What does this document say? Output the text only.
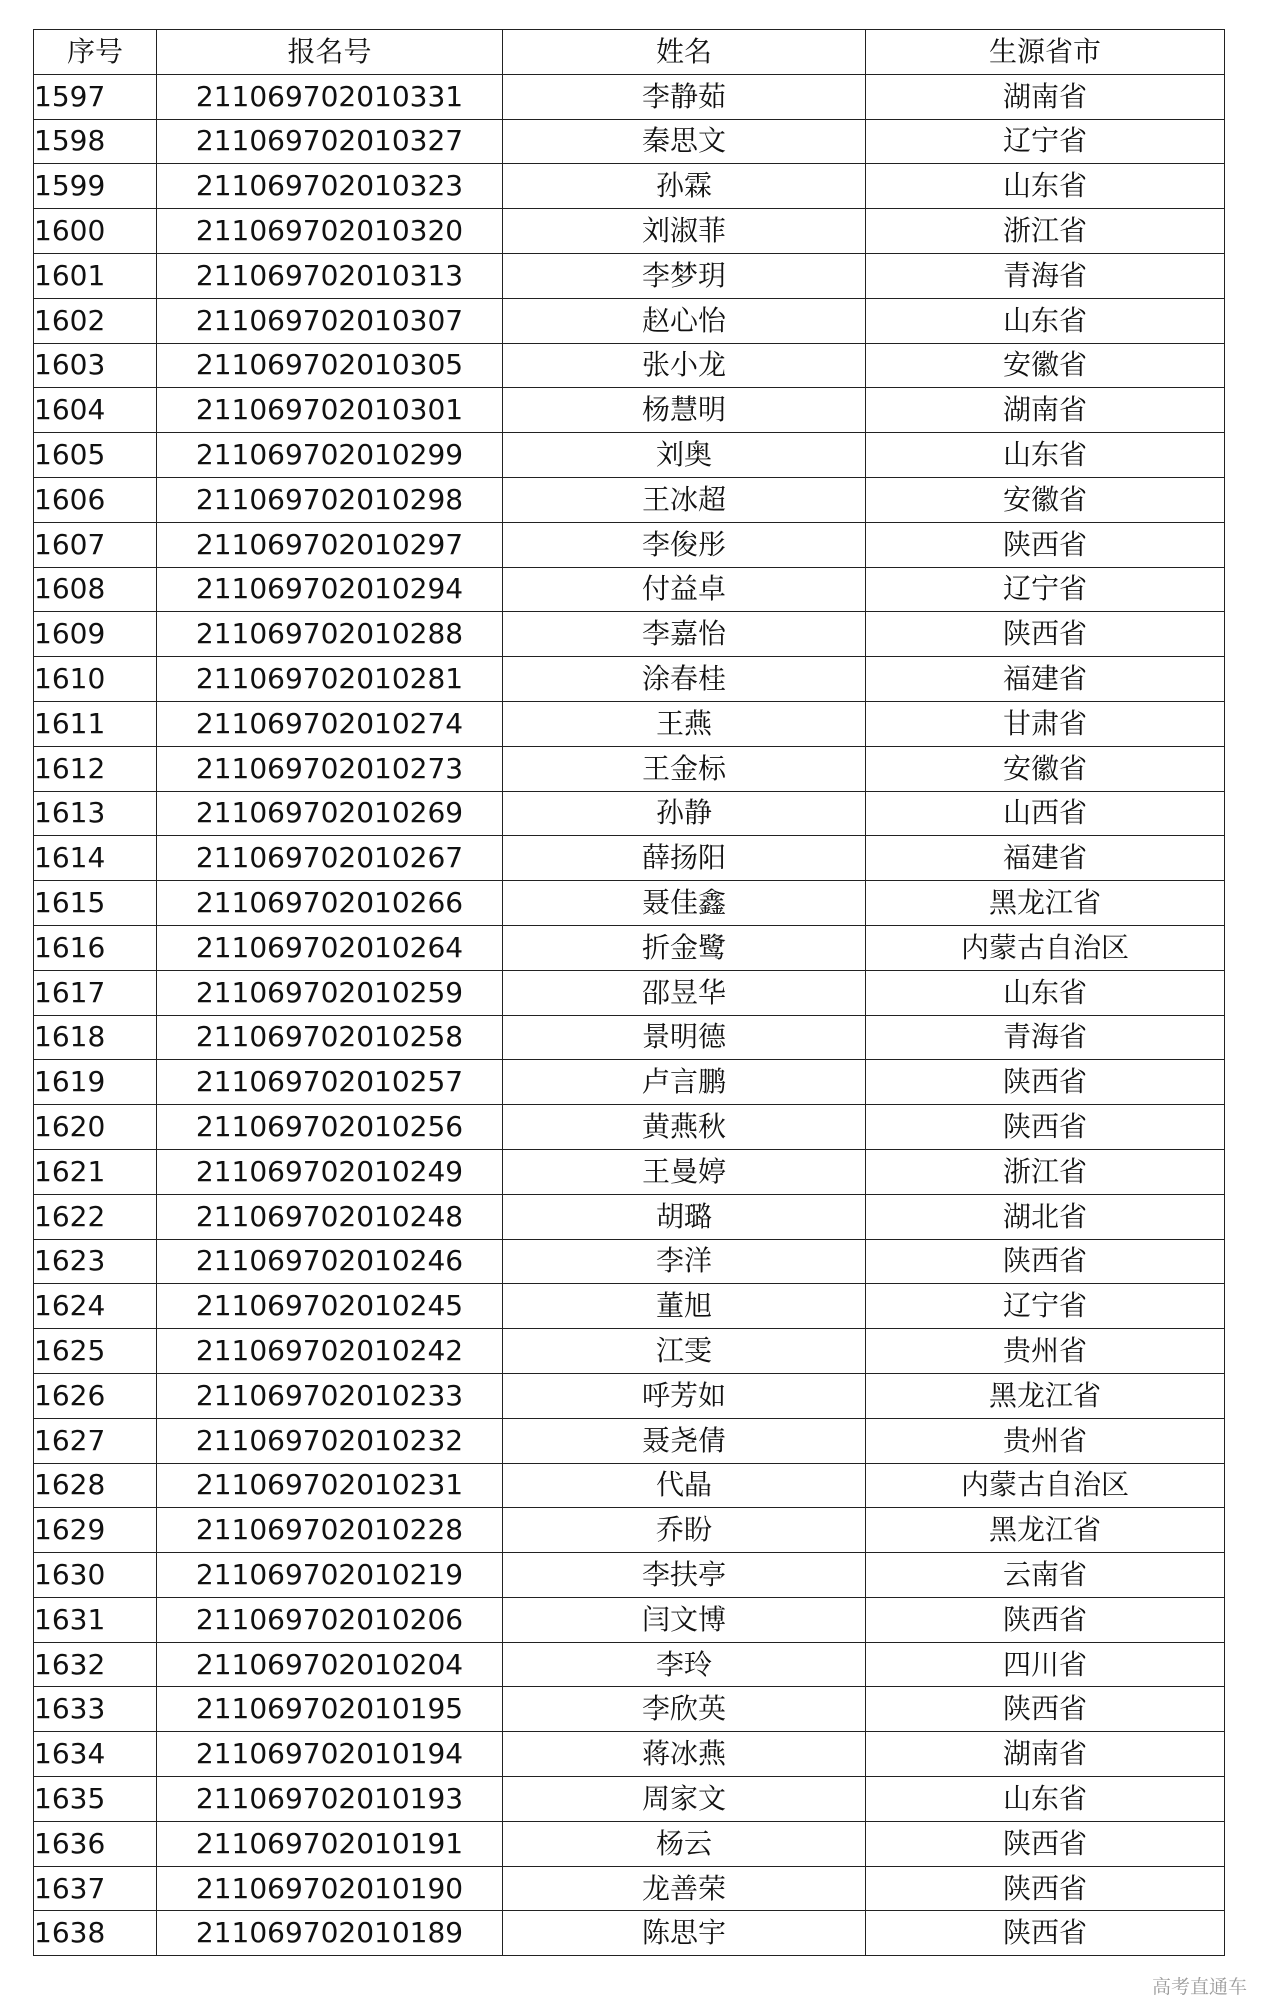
序号	报名号	姓名	生源省市
1597	211069702010331	李静茹	湖南省
1598	211069702010327	秦思文	辽宁省
1599	211069702010323	孙霖	山东省
1600	211069702010320	刘淑菲	浙江省
1601	211069702010313	李梦玥	青海省
1602	211069702010307	赵心怡	山东省
1603	211069702010305	张小龙	安徽省
1604	211069702010301	杨慧明	湖南省
1605	211069702010299	刘奥	山东省
1606	211069702010298	王冰超	安徽省
1607	211069702010297	李俊彤	陕西省
1608	211069702010294	付益卓	辽宁省
1609	211069702010288	李嘉怡	陕西省
1610	211069702010281	涂春桂	福建省
1611	211069702010274	王燕	甘肃省
1612	211069702010273	王金标	安徽省
1613	211069702010269	孙静	山西省
1614	211069702010267	薛扬阳	福建省
1615	211069702010266	聂佳鑫	黑龙江省
1616	211069702010264	折金鹭	内蒙古自治区
1617	211069702010259	邵昱华	山东省
1618	211069702010258	景明德	青海省
1619	211069702010257	卢言鹏	陕西省
1620	211069702010256	黄燕秋	陕西省
1621	211069702010249	王曼婷	浙江省
1622	211069702010248	胡璐	湖北省
1623	211069702010246	李洋	陕西省
1624	211069702010245	董旭	辽宁省
1625	211069702010242	江雯	贵州省
1626	211069702010233	呼芳如	黑龙江省
1627	211069702010232	聂尧倩	贵州省
1628	211069702010231	代晶	内蒙古自治区
1629	211069702010228	乔盼	黑龙江省
1630	211069702010219	李扶亭	云南省
1631	211069702010206	闫文博	陕西省
1632	211069702010204	李玲	四川省
1633	211069702010195	李欣英	陕西省
1634	211069702010194	蒋冰燕	湖南省
1635	211069702010193	周家文	山东省
1636	211069702010191	杨云	陕西省
1637	211069702010190	龙善荣	陕西省
1638	211069702010189	陈思宇	陕西省
高考直通车
